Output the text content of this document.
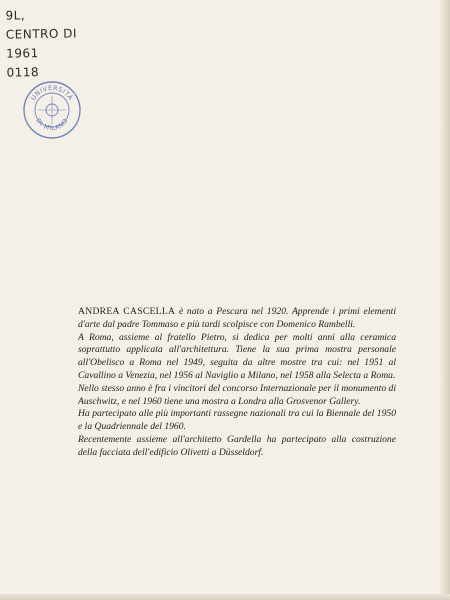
9L,
CENTRO DI
1961
0118
UNIVERSITÀ
DI MILANO

ANDREA CASCELLA è nato a Pescara nel 1920. Apprende i primi elementi d'arte dal padre Tommaso e più tardi scolpisce con Domenico Rambelli.

A Roma, assieme al fratello Pietro, si dedica per molti anni alla ceramica soprattutto applicata all'architettura. Tiene la sua prima mostra personale all'Obelisco a Roma nel 1949, seguita da altre mostre tra cui: nel 1951 al Cavallino a Venezia, nel 1956 al Naviglio a Milano, nel 1958 alla Selecta a Roma.

Nello stesso anno è fra i vincitori del concorso Internazionale per il monumento di Auschwitz, e nel 1960 tiene una mostra a Londra alla Grosvenor Gallery.

Ha partecipato alle più importanti rassegne nazionali tra cui la Biennale del 1950 e la Quadriennale del 1960.

Recentemente assieme all'architetto Gardella ha partecipato alla costruzione della facciata dell'edificio Olivetti a Düsseldorf.
